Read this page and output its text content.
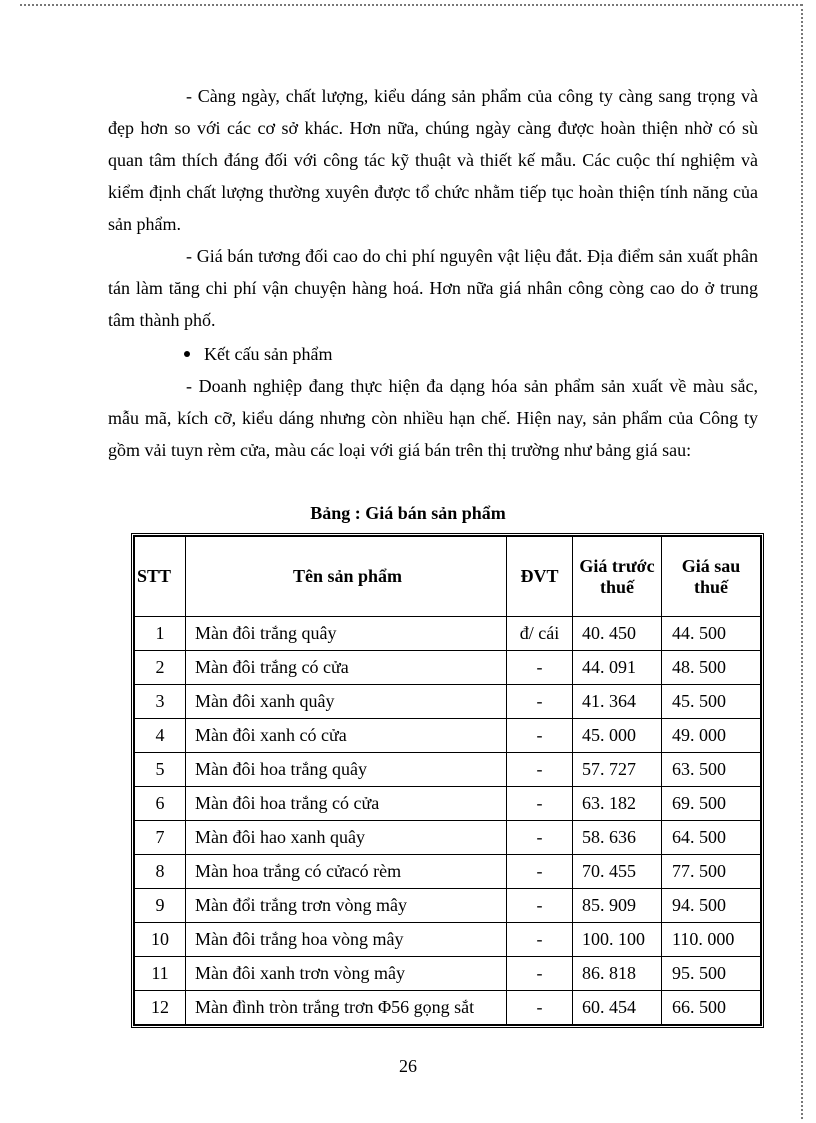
- Càng ngày, chất lượng, kiểu dáng sản phẩm của công ty càng sang trọng và đẹp hơn so với các cơ sở khác. Hơn nữa, chúng ngày càng được hoàn thiện nhờ có sù quan tâm thích đáng đối với công tác kỹ thuật và thiết kế mẫu. Các cuộc thí nghiệm và kiểm định chất lượng thường xuyên được tổ chức nhằm tiếp tục hoàn thiện tính năng của sản phẩm.

- Giá bán tương đối cao do chi phí nguyên vật liệu đắt. Địa điểm sản xuất phân tán làm tăng chi phí vận chuyện hàng hoá. Hơn nữa giá nhân công còng cao do ở trung tâm thành phố.

Kết cấu sản phẩm

- Doanh nghiệp đang thực hiện đa dạng hóa sản phẩm sản xuất về màu sắc, mẫu mã, kích cỡ, kiểu dáng nhưng còn nhiều hạn chế. Hiện nay, sản phẩm của Công ty gồm vải tuyn rèm cửa, màu các loại với giá bán trên thị trường như bảng giá sau:

Bảng : Giá bán sản phẩm
STT	Tên sản phẩm	ĐVT	Giá trước thuế	Giá sau thuế
1	Màn đôi trắng quây	đ/ cái	40. 450	44. 500
2	Màn đôi trắng có cửa	-	44. 091	48. 500
3	Màn đôi xanh quây	-	41. 364	45. 500
4	Màn đôi xanh có cửa	-	45. 000	49. 000
5	Màn đôi hoa trắng quây	-	57. 727	63. 500
6	Màn đôi hoa trắng có cửa	-	63. 182	69. 500
7	Màn đôi hao xanh quây	-	58. 636	64. 500
8	Màn hoa trắng có cửacó rèm	-	70. 455	77. 500
9	Màn đổi trắng trơn vòng mây	-	85. 909	94. 500
10	Màn đôi trắng hoa vòng mây	-	100. 100	110. 000
11	Màn đôi xanh trơn vòng mây	-	86. 818	95. 500
12	Màn đình tròn trắng trơn Φ56 gọng sắt	-	60. 454	66. 500
26
